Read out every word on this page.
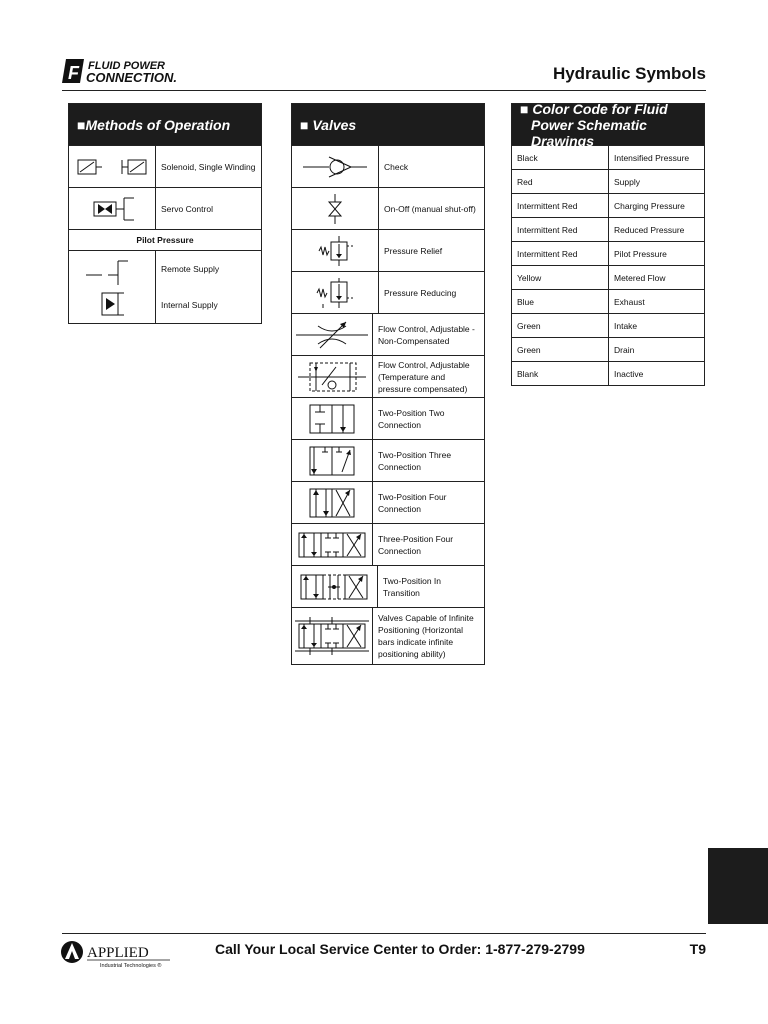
F FLUID POWER
CONNECTION.	Hydraulic Symbols
■Methods of Operation
Solenoid, Single Winding
Servo Control
Pilot Pressure
Remote Supply
Internal Supply
■ Valves
Check
On-Off (manual shut-off)
Pressure Relief
Pressure Reducing
Flow Control, Adjustable - Non-Compensated
Flow Control, Adjustable (Temperature and pressure compensated)
Two-Position Two Connection
Two-Position Three Connection
Two-Position Four Connection
Three-Position Four Connection
Two-Position In Transition
Valves Capable of Infinite Positioning (Horizontal bars indicate infinite positioning ability)
■ Color Code for Fluid
Power Schematic Drawings
Black	Intensified Pressure
Red	Supply
Intermittent Red	Charging Pressure
Intermittent Red	Reduced Pressure
Intermittent Red	Pilot Pressure
Yellow	Metered Flow
Blue	Exhaust
Green	Intake
Green	Drain
Blank	Inactive
APPLIED
Industrial Technologies ®
Call Your Local Service Center to Order: 1-877-279-2799	T9
